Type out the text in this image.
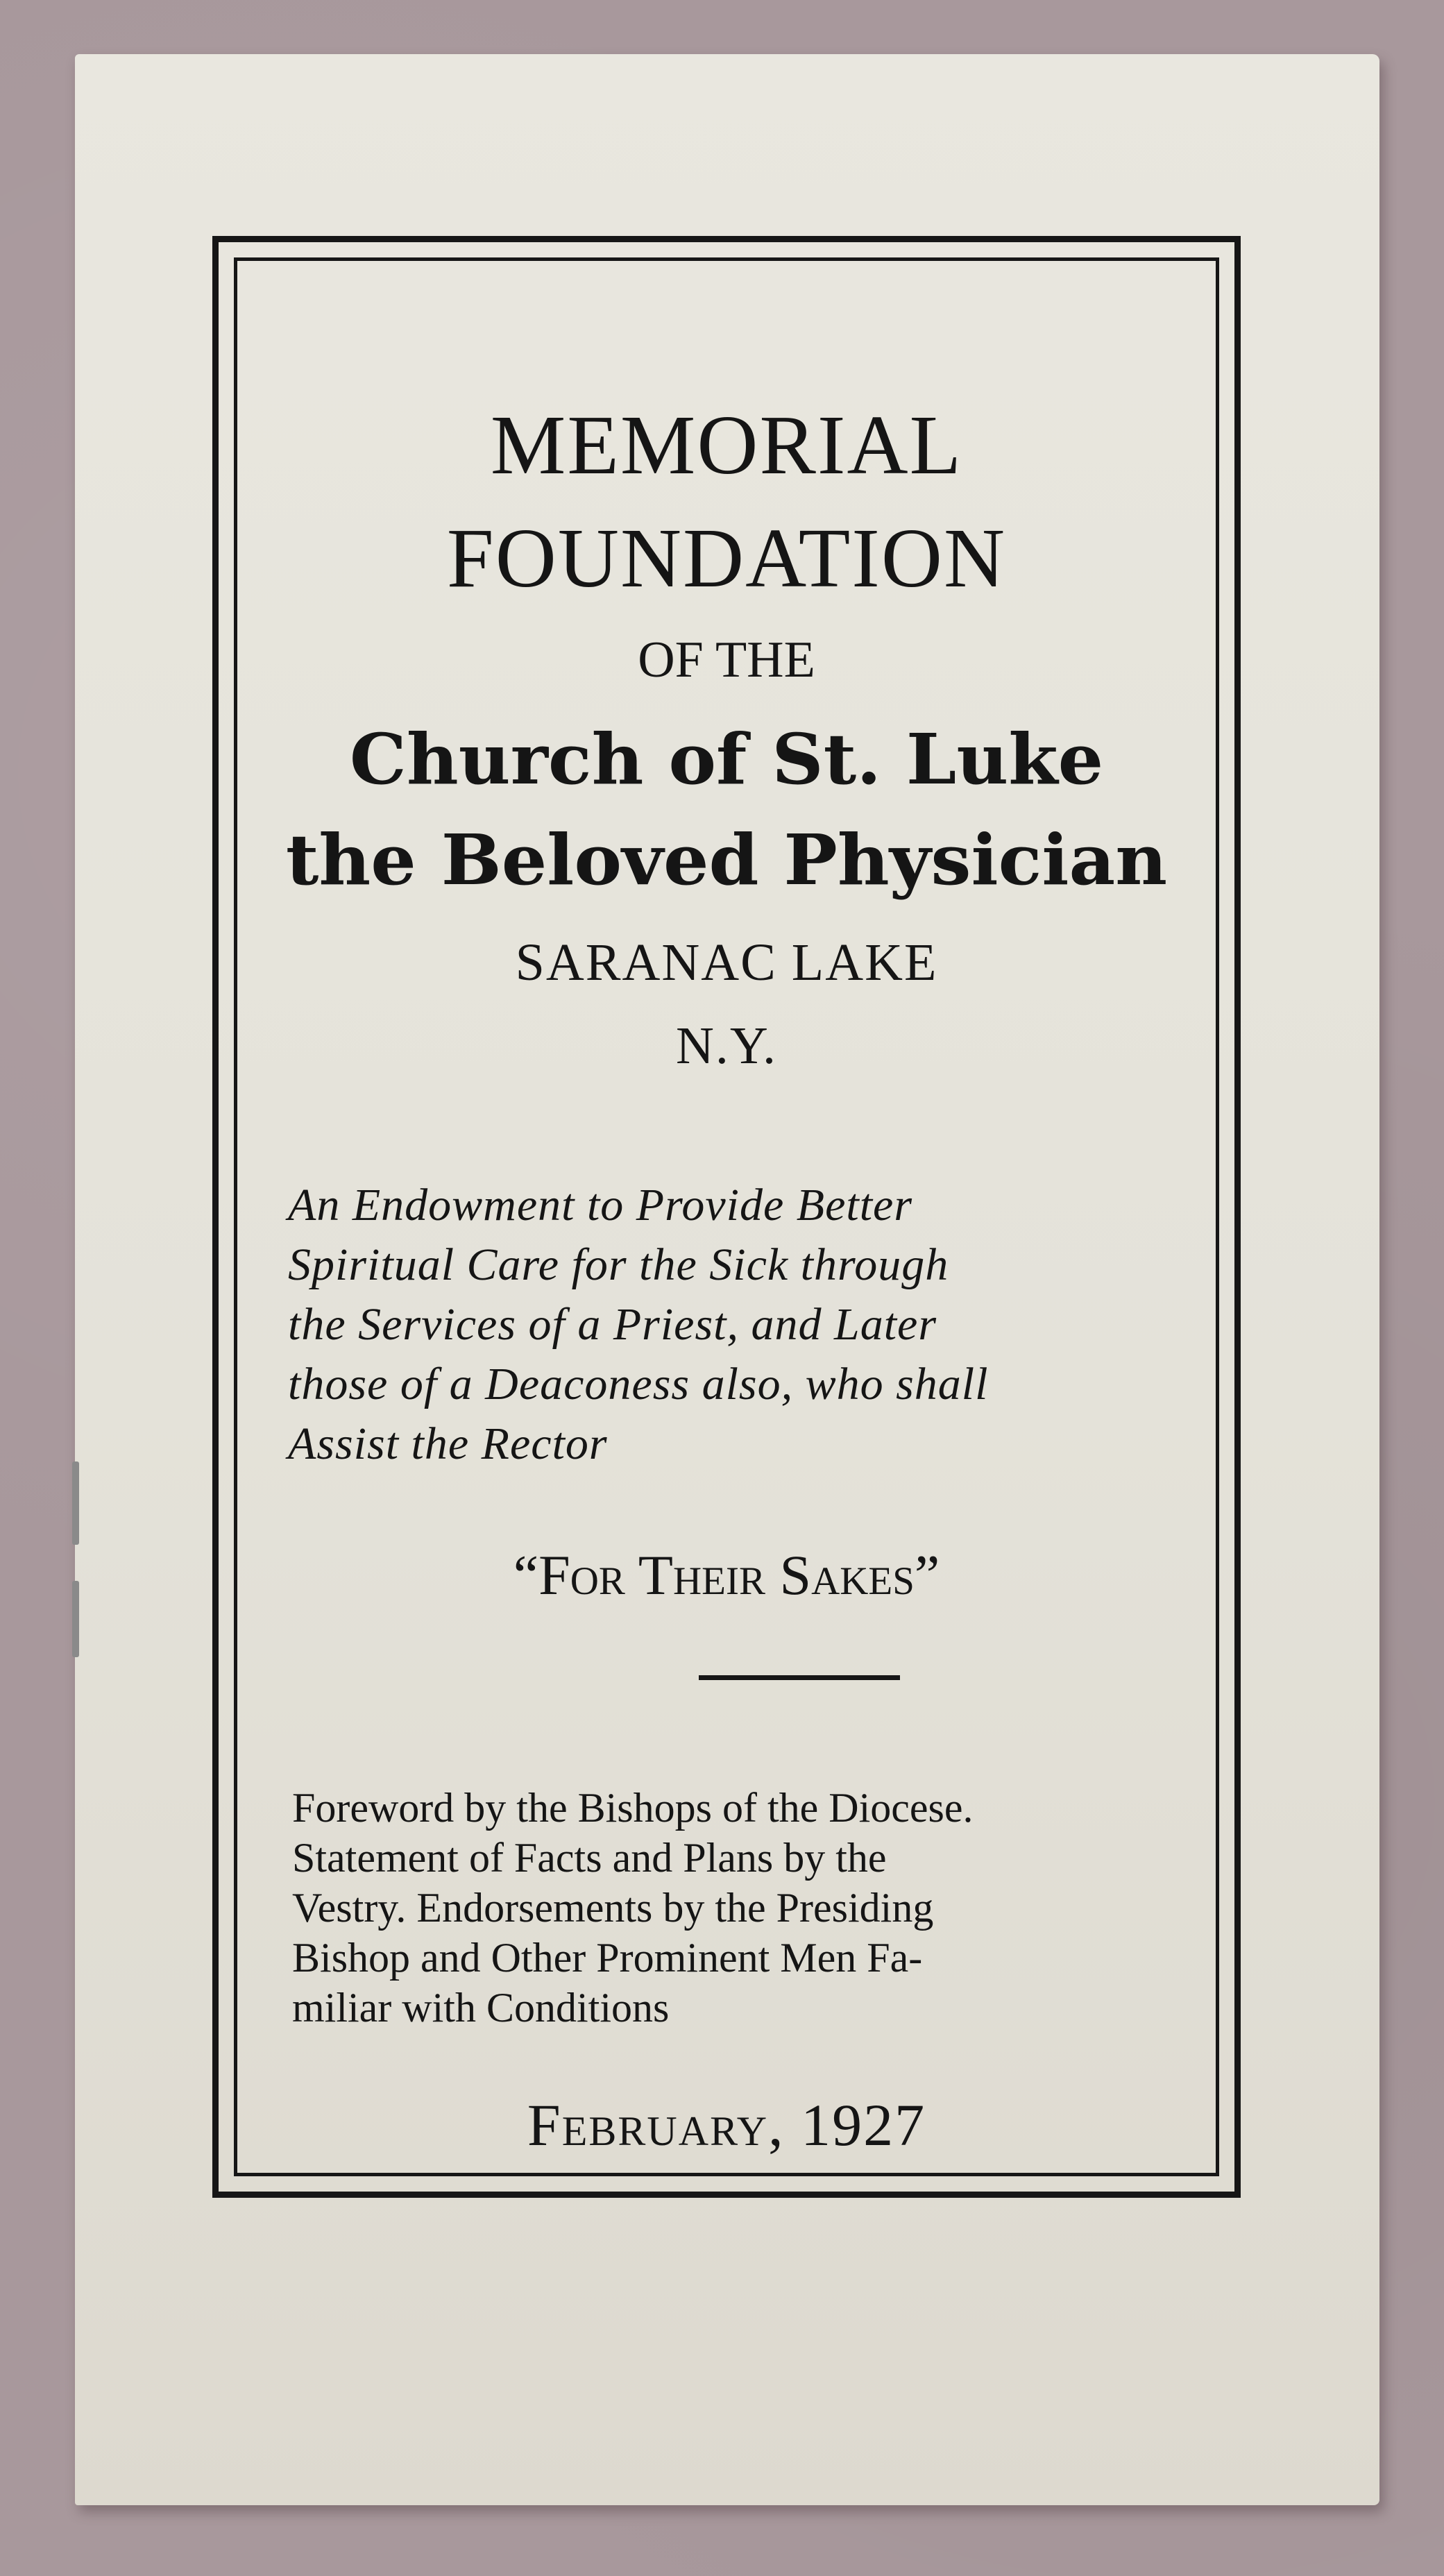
MEMORIAL
FOUNDATION
OF THE
Church of St. Luke
the Beloved Physician
SARANAC LAKE
N.Y.
An Endowment to Provide Better
Spiritual Care for the Sick through
the Services of a Priest, and Later
those of a Deaconess also, who shall
Assist the Rector
“For Their Sakes”
Foreword by the Bishops of the Diocese.
Statement of Facts and Plans by the
Vestry. Endorsements by the Presiding
Bishop and Other Prominent Men Fa-
miliar with Conditions
February, 1927
